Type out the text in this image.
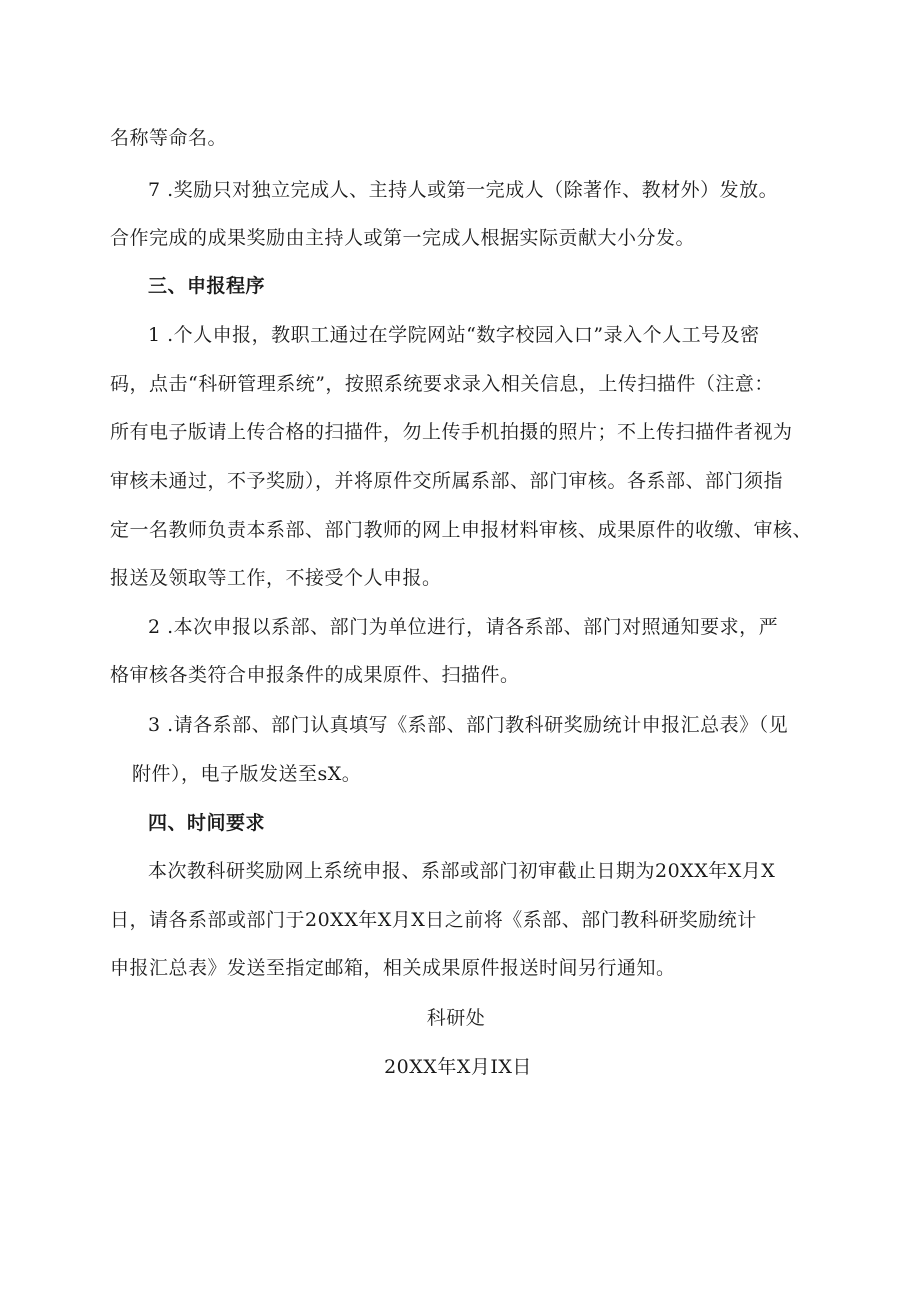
名称等命名。
7 .奖励只对独立完成人、主持人或第一完成人（除著作、教材外）发放。
合作完成的成果奖励由主持人或第一完成人根据实际贡献大小分发。
三、申报程序
1 .个人申报，教职工通过在学院网站“数字校园入口”录入个人工号及密
码，点击“科研管理系统”，按照系统要求录入相关信息，上传扫描件（注意：
所有电子版请上传合格的扫描件，勿上传手机拍摄的照片；不上传扫描件者视为
审核未通过，不予奖励），并将原件交所属系部、部门审核。各系部、部门须指
定一名教师负责本系部、部门教师的网上申报材料审核、成果原件的收缴、审核、
报送及领取等工作，不接受个人申报。
2 .本次申报以系部、部门为单位进行，请各系部、部门对照通知要求，严
格审核各类符合申报条件的成果原件、扫描件。
3 .请各系部、部门认真填写《系部、部门教科研奖励统计申报汇总表》（见
附件），电子版发送至sX。
四、时间要求
本次教科研奖励网上系统申报、系部或部门初审截止日期为20XX年X月X
日，请各系部或部门于20XX年X月X日之前将《系部、部门教科研奖励统计
申报汇总表》发送至指定邮箱，相关成果原件报送时间另行通知。
科研处
20XX年X月IX日
